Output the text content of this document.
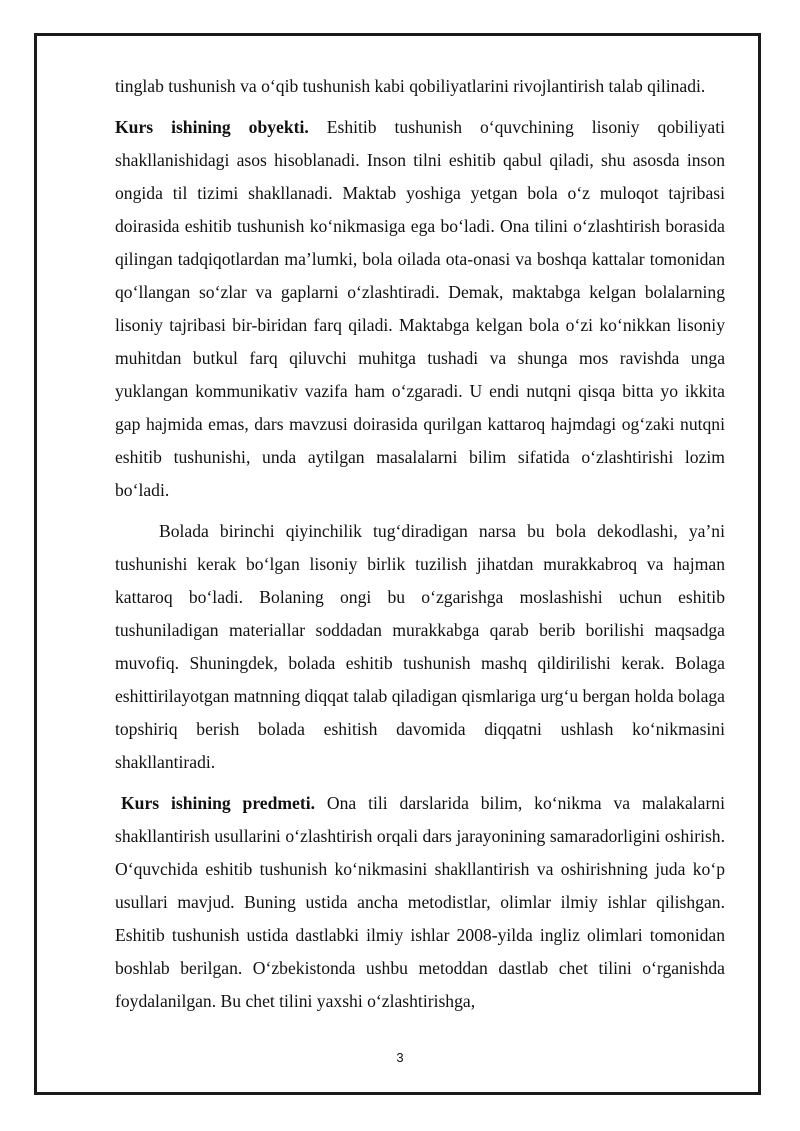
tinglab tushunish va o‘qib tushunish kabi qobiliyatlarini rivojlantirish talab qilinadi.

Kurs ishining obyekti. Eshitib tushunish o‘quvchining lisoniy qobiliyati shakllanishidagi asos hisoblanadi. Inson tilni eshitib qabul qiladi, shu asosda inson ongida til tizimi shakllanadi. Maktab yoshiga yetgan bola o‘z muloqot tajribasi doirasida eshitib tushunish ko‘nikmasiga ega bo‘ladi. Ona tilini o‘zlashtirish borasida qilingan tadqiqotlardan ma’lumki, bola oilada ota-onasi va boshqa kattalar tomonidan qo‘llangan so‘zlar va gaplarni o‘zlashtiradi. Demak, maktabga kelgan bolalarning lisoniy tajribasi bir-biridan farq qiladi. Maktabga kelgan bola o‘zi ko‘nikkan lisoniy muhitdan butkul farq qiluvchi muhitga tushadi va shunga mos ravishda unga yuklangan kommunikativ vazifa ham o‘zgaradi. U endi nutqni qisqa bitta yo ikkita gap hajmida emas, dars mavzusi doirasida qurilgan kattaroq hajmdagi og‘zaki nutqni eshitib tushunishi, unda aytilgan masalalarni bilim sifatida o‘zlashtirishi lozim bo‘ladi.

Bolada birinchi qiyinchilik tug‘diradigan narsa bu bola dekodlashi, ya’ni tushunishi kerak bo‘lgan lisoniy birlik tuzilish jihatdan murakkabroq va hajman kattaroq bo‘ladi. Bolaning ongi bu o‘zgarishga moslashishi uchun eshitib tushuniladigan materiallar soddadan murakkabga qarab berib borilishi maqsadga muvofiq. Shuningdek, bolada eshitib tushunish mashq qildirilishi kerak. Bolaga eshittirilayotgan matnning diqqat talab qiladigan qismlariga urg‘u bergan holda bolaga topshiriq berish bolada eshitish davomida diqqatni ushlash ko‘nikmasini shakllantiradi.

Kurs ishining predmeti. Ona tili darslarida bilim, ko‘nikma va malakalarni shakllantirish usullarini o‘zlashtirish orqali dars jarayonining samaradorligini oshirish. O‘quvchida eshitib tushunish ko‘nikmasini shakllantirish va oshirishning juda ko‘p usullari mavjud. Buning ustida ancha metodistlar, olimlar ilmiy ishlar qilishgan. Eshitib tushunish ustida dastlabki ilmiy ishlar 2008-yilda ingliz olimlari tomonidan boshlab berilgan. O‘zbekistonda ushbu metoddan dastlab chet tilini o‘rganishda foydalanilgan. Bu chet tilini yaxshi o‘zlashtirishga,

3
